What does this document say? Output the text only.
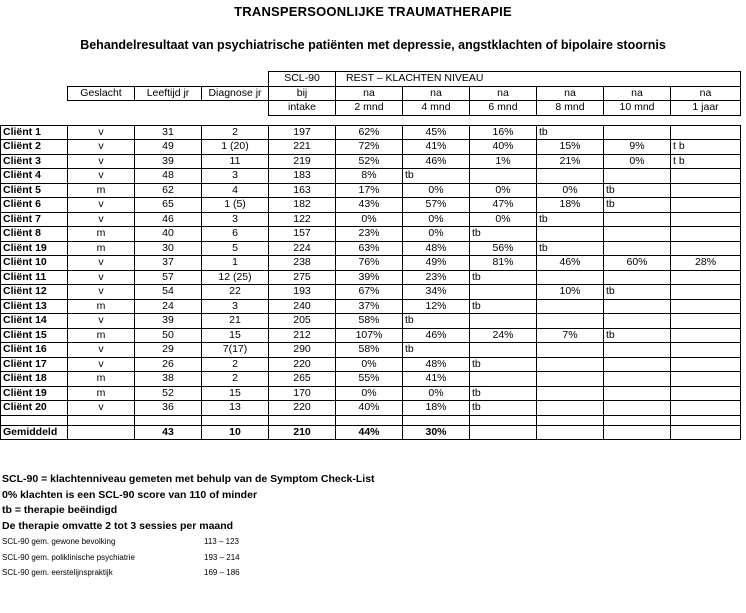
TRANSPERSOONLIJKE TRAUMATHERAPIE
Behandelresultaat van psychiatrische patiënten met depressie, angstklachten of bipolaire stoornis
				SCL-90	REST – KLACHTEN NIVEAU					
	Geslacht	Leeftijd jr	Diagnose jr	bij	na	na	na	na	na	na
				intake	2 mnd	4 mnd	6 mnd	8 mnd	10 mnd	1 jaar

Cliënt 1	v	31	2	197	62%	45%	16%	tb		
Cliënt 2	v	49	1 (20)	221	72%	41%	40%	15%	9%	t b
Cliënt 3	v	39	11	219	52%	46%	1%	21%	0%	t b
Cliënt 4	v	48	3	183	8%	tb				
Cliënt 5	m	62	4	163	17%	0%	0%	0%	tb	
Cliënt 6	v	65	1 (5)	182	43%	57%	47%	18%	tb	
Cliënt 7	v	46	3	122	0%	0%	0%	tb		
Cliënt 8	m	40	6	157	23%	0%	tb			
Cliënt 19	m	30	5	224	63%	48%	56%	tb		
Cliënt 10	v	37	1	238	76%	49%	81%	46%	60%	28%
Cliënt 11	v	57	12 (25)	275	39%	23%	tb			
Cliënt 12	v	54	22	193	67%	34%		10%	tb	
Cliënt 13	m	24	3	240	37%	12%	tb			
Cliënt 14	v	39	21	205	58%	tb				
Cliënt 15	m	50	15	212	107%	46%	24%	7%	tb	
Cliënt 16	v	29	7(17)	290	58%	tb				
Cliënt 17	v	26	2	220	0%	48%	tb			
Cliënt 18	m	38	2	265	55%	41%				
Cliënt 19	m	52	15	170	0%	0%	tb			
Cliënt 20	v	36	13	220	40%	18%	tb			

Gemiddeld		43	10	210	44%	30%				
SCL-90 = klachtenniveau gemeten met behulp van de Symptom Check-List
0% klachten is een SCL-90 score van 110 of minder
tb = therapie beëindigd
De therapie omvatte 2 tot 3 sessies per maand
SCL-90 gem. gewone bevolking	113 – 123
SCL-90 gem. poliklinische psychiatrie	193 – 214
SCL-90 gem. eerstelijnspraktijk	169 – 186
